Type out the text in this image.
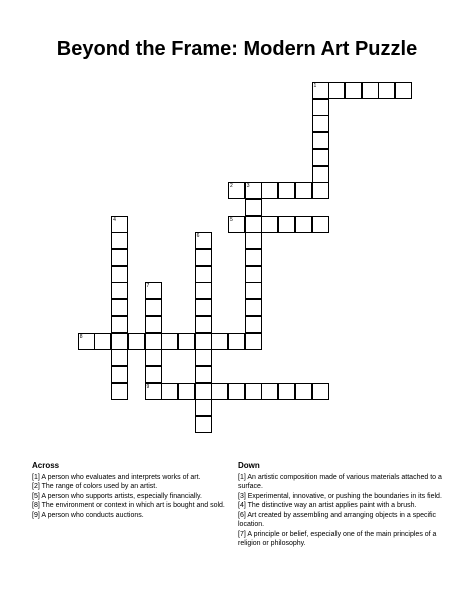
Beyond the Frame: Modern Art Puzzle
1
2	3
5
4
6
7
9
8
Across

[1] A person who evaluates and interprets works of art.

[2] The range of colors used by an artist.

[5] A person who supports artists, especially financially.

[8] The environment or context in which art is bought and sold.

[9] A person who conducts auctions.

Down

[1] An artistic composition made of various materials attached to a surface.

[3] Experimental, innovative, or pushing the boundaries in its field.

[4] The distinctive way an artist applies paint with a brush.

[6] Art created by assembling and arranging objects in a specific location.

[7] A principle or belief, especially one of the main principles of a religion or philosophy.
